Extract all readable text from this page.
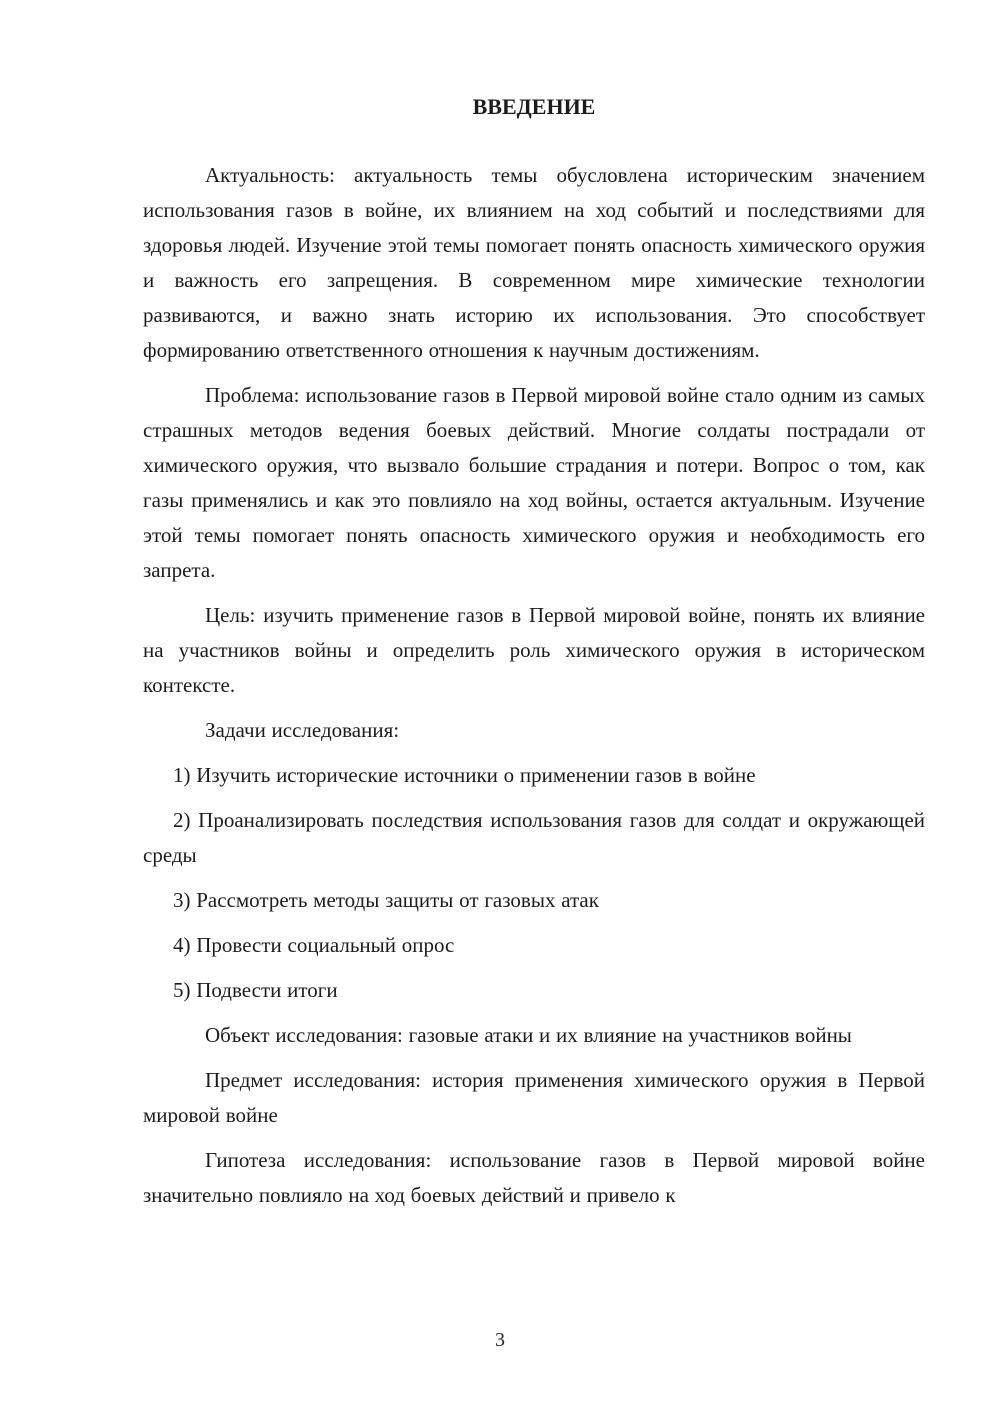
ВВЕДЕНИЕ

Актуальность: актуальность темы обусловлена историческим значением использования газов в войне, их влиянием на ход событий и последствиями для здоровья людей. Изучение этой темы помогает понять опасность химического оружия и важность его запрещения. В современном мире химические технологии развиваются, и важно знать историю их использования. Это способствует формированию ответственного отношения к научным достижениям.

Проблема: использование газов в Первой мировой войне стало одним из самых страшных методов ведения боевых действий. Многие солдаты пострадали от химического оружия, что вызвало большие страдания и потери. Вопрос о том, как газы применялись и как это повлияло на ход войны, остается актуальным. Изучение этой темы помогает понять опасность химического оружия и необходимость его запрета.

Цель: изучить применение газов в Первой мировой войне, понять их влияние на участников войны и определить роль химического оружия в историческом контексте.

Задачи исследования:

1) Изучить исторические источники о применении газов в войне

2) Проанализировать последствия использования газов для солдат и окружающей среды

3) Рассмотреть методы защиты от газовых атак

4) Провести социальный опрос

5) Подвести итоги

Объект исследования: газовые атаки и их влияние на участников войны

Предмет исследования: история применения химического оружия в Первой мировой войне

Гипотеза исследования: использование газов в Первой мировой войне значительно повлияло на ход боевых действий и привело к

3
